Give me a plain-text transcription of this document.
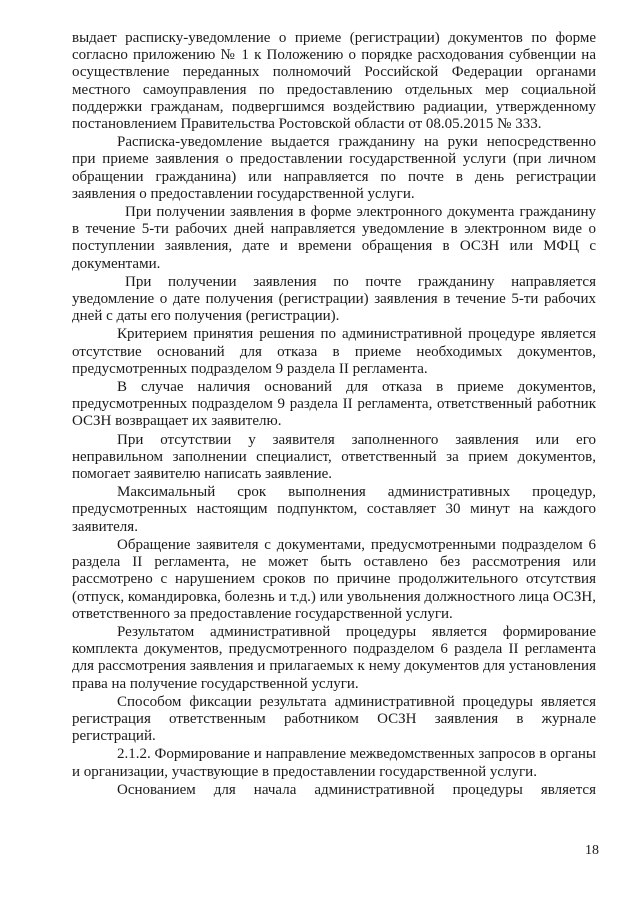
выдает расписку-уведомление о приеме (регистрации) документов по форме согласно приложению № 1 к Положению о порядке расходования субвенции на осуществление переданных полномочий Российской Федерации органами местного самоуправления по предоставлению отдельных мер социальной поддержки гражданам, подвергшимся воздействию радиации, утвержденному постановлением Правительства Ростовской области от 08.05.2015 № 333.

Расписка-уведомление выдается гражданину на руки непосредственно при приеме заявления о предоставлении государственной услуги (при личном обращении гражданина) или направляется по почте в день регистрации заявления о предоставлении государственной услуги.

При получении заявления в форме электронного документа гражданину в течение 5-ти рабочих дней направляется уведомление в электронном виде о поступлении заявления, дате и времени обращения в ОСЗН или МФЦ с документами.

При получении заявления по почте гражданину направляется уведомление о дате получения (регистрации) заявления в течение 5-ти рабочих дней с даты его получения (регистрации).

Критерием принятия решения по административной процедуре является отсутствие оснований для отказа в приеме необходимых документов, предусмотренных подразделом 9 раздела II регламента.

В случае наличия оснований для отказа в приеме документов, предусмотренных подразделом 9 раздела II регламента, ответственный работник ОСЗН возвращает их заявителю.

При отсутствии у заявителя заполненного заявления или его неправильном заполнении специалист, ответственный за прием документов, помогает заявителю написать заявление.

Максимальный срок выполнения административных процедур, предусмотренных настоящим подпунктом, составляет 30 минут на каждого заявителя.

Обращение заявителя с документами, предусмотренными подразделом 6 раздела II регламента, не может быть оставлено без рассмотрения или рассмотрено с нарушением сроков по причине продолжительного отсутствия (отпуск, командировка, болезнь и т.д.) или увольнения должностного лица ОСЗН, ответственного за предоставление государственной услуги.

Результатом административной процедуры является формирование комплекта документов, предусмотренного подразделом 6 раздела II регламента для рассмотрения заявления и прилагаемых к нему документов для установления права на получение государственной услуги.

Способом фиксации результата административной процедуры является регистрация ответственным работником ОСЗН заявления в журнале регистраций.

2.1.2. Формирование и направление межведомственных запросов в органы и организации, участвующие в предоставлении государственной услуги.

Основанием для начала административной процедуры является

18
